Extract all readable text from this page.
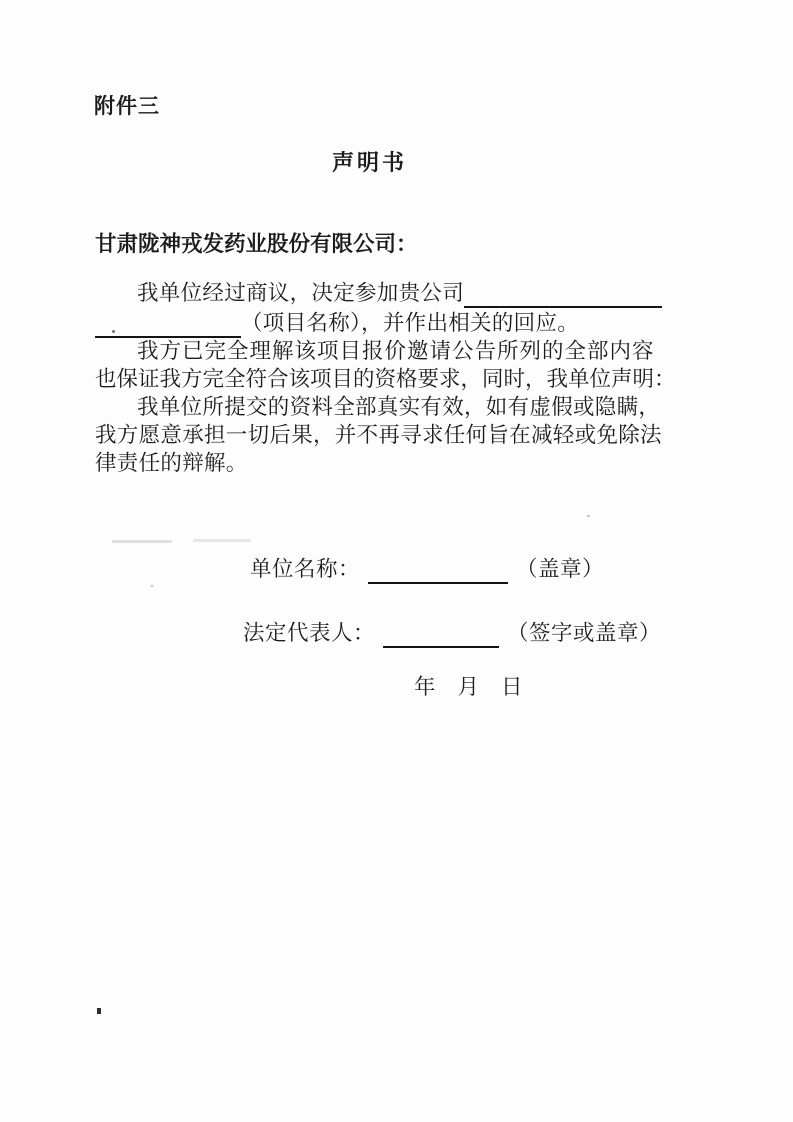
附件三
声明书
甘肃陇神戎发药业股份有限公司：
我单位经过商议，决定参加贵公司
（项目名称），并作出相关的回应。
我方已完全理解该项目报价邀请公告所列的全部内容
也保证我方完全符合该项目的资格要求，同时，我单位声明：
我单位所提交的资料全部真实有效，如有虚假或隐瞒，
我方愿意承担一切后果，并不再寻求任何旨在减轻或免除法
律责任的辩解。
单位名称：	（盖章）
法定代表人：	（签字或盖章）
年 月 日
